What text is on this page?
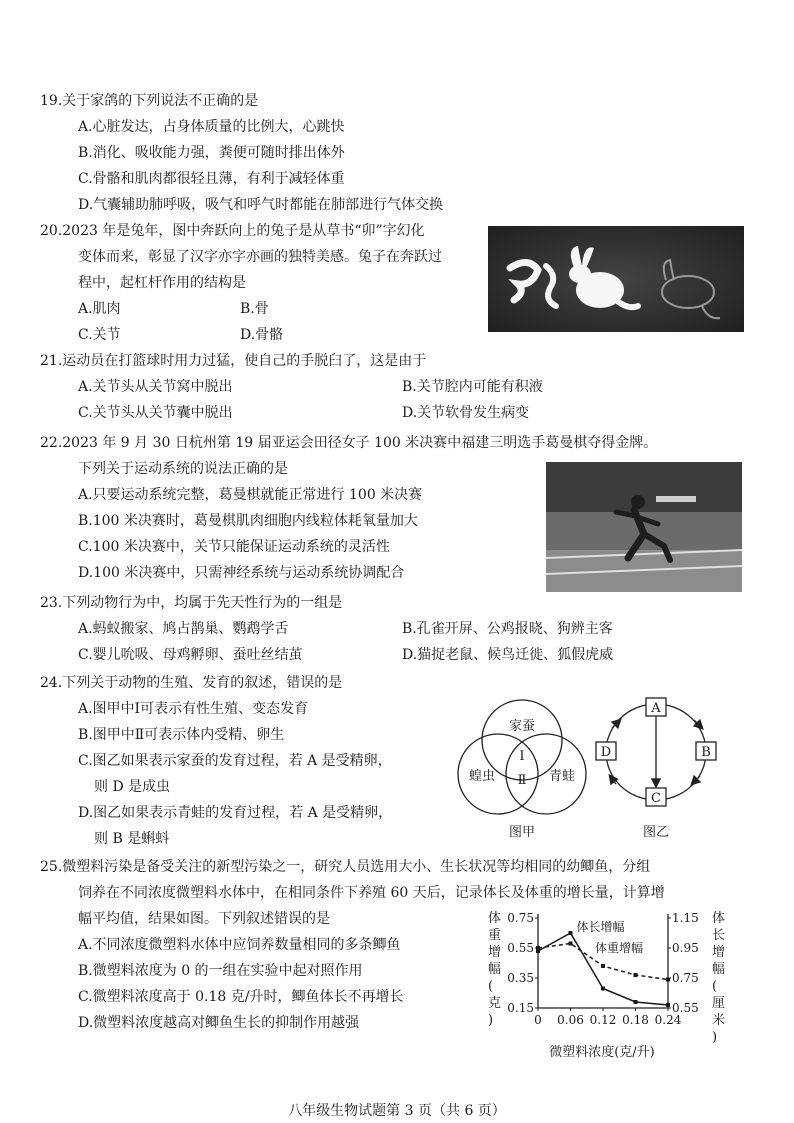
19.关于家鸽的下列说法不正确的是
A.心脏发达，占身体质量的比例大，心跳快
B.消化、吸收能力强，粪便可随时排出体外
C.骨骼和肌肉都很轻且薄，有利于减轻体重
D.气囊辅助肺呼吸，吸气和呼气时都能在肺部进行气体交换
20.2023 年是兔年，图中奔跃向上的兔子是从草书“卯”字幻化
变体而来，彰显了汉字亦字亦画的独特美感。兔子在奔跃过
程中，起杠杆作用的结构是
A.肌肉	B.骨
C.关节	D.骨骼
21.运动员在打篮球时用力过猛，使自己的手脱臼了，这是由于
A.关节头从关节窝中脱出	B.关节腔内可能有积液
C.关节头从关节囊中脱出	D.关节软骨发生病变
22.2023 年 9 月 30 日杭州第 19 届亚运会田径女子 100 米决赛中福建三明选手葛曼棋夺得金牌。
下列关于运动系统的说法正确的是
A.只要运动系统完整，葛曼棋就能正常进行 100 米决赛
B.100 米决赛时，葛曼棋肌肉细胞内线粒体耗氧量加大
C.100 米决赛中，关节只能保证运动系统的灵活性
D.100 米决赛中，只需神经系统与运动系统协调配合
23.下列动物行为中，均属于先天性行为的一组是
A.蚂蚁搬家、鸠占鹊巢、鹦鹉学舌	B.孔雀开屏、公鸡报晓、狗辨主客
C.婴儿吮吸、母鸡孵卵、蚕吐丝结茧	D.猫捉老鼠、候鸟迁徙、狐假虎威
24.下列关于动物的生殖、发育的叙述，错误的是
A.图甲中Ⅰ可表示有性生殖、变态发育
B.图甲中Ⅱ可表示体内受精、卵生
C.图乙如果表示家蚕的发育过程，若 A 是受精卵，
则 D 是成虫
D.图乙如果表示青蛙的发育过程，若 A 是受精卵，
则 B 是蝌蚪
家蚕
蝗虫	青蛙
Ⅰ
Ⅱ
图甲
A
B
C
D
图乙
25.微塑料污染是备受关注的新型污染之一，研究人员选用大小、生长状况等均相同的幼鲫鱼，分组
饲养在不同浓度微塑料水体中，在相同条件下养殖 60 天后，记录体长及体重的增长量，计算增
幅平均值，结果如图。下列叙述错误的是
A.不同浓度微塑料水体中应饲养数量相同的多条鲫鱼
B.微塑料浓度为 0 的一组在实验中起对照作用
C.微塑料浓度高于 0.18 克/升时，鲫鱼体长不再增长
D.微塑料浓度越高对鲫鱼生长的抑制作用越强
体重增幅(克)
体长增幅(厘米)
0.75
0.55
0.35
0.15
1.15
0.95
0.75
0.55
0 0.06 0.12 0.18 0.24
体长增幅
体重增幅
微塑料浓度(克/升)
八年级生物试题第 3 页（共 6 页）
